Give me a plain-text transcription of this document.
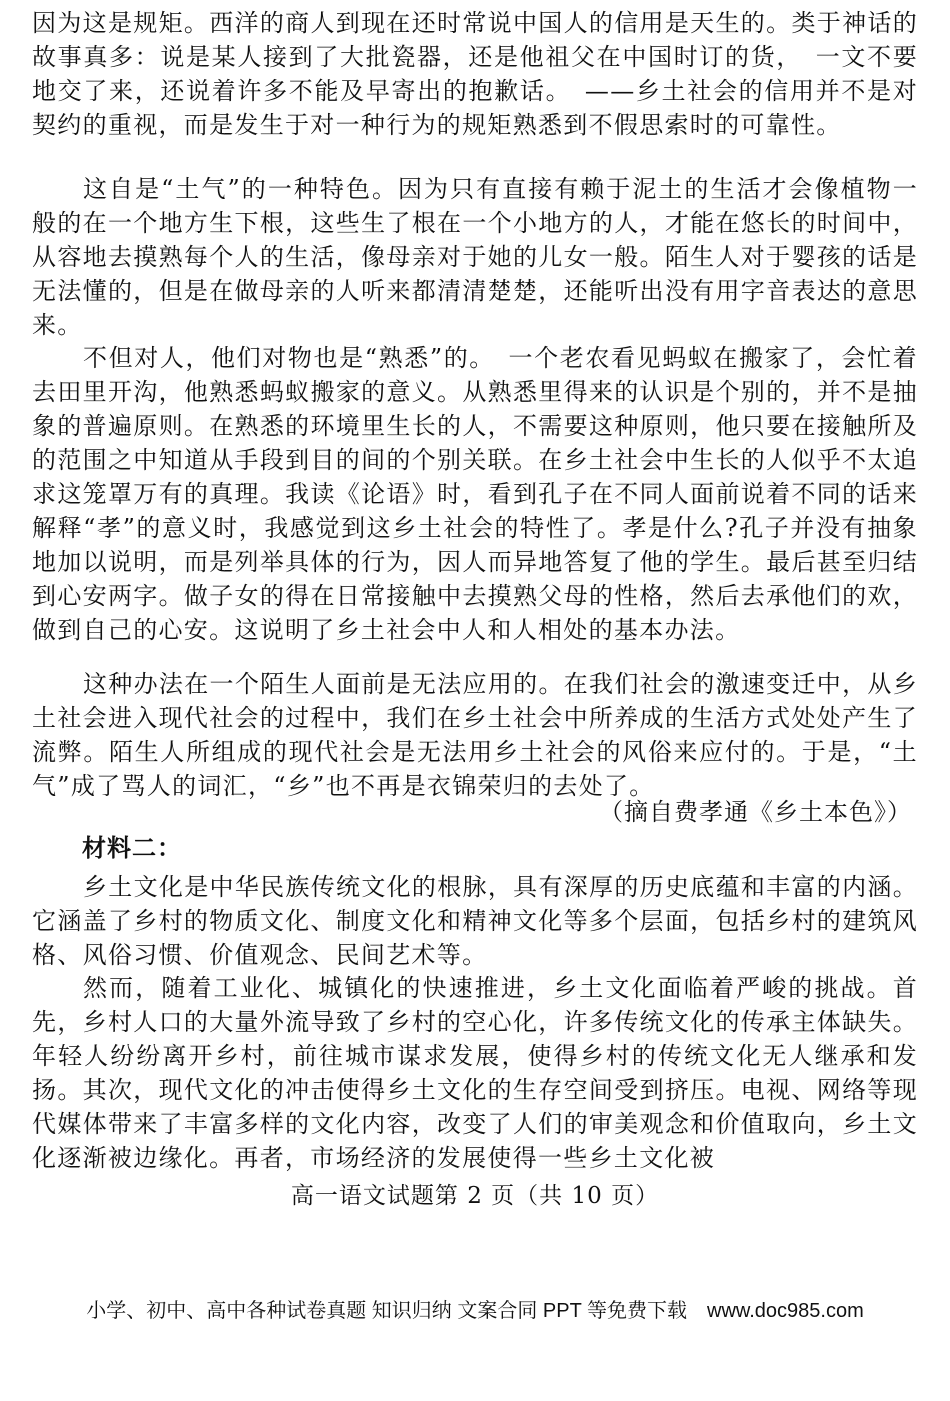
因为这是规矩。西洋的商人到现在还时常说中国人的信用是天生的。类于神话的故事真多：说是某人接到了大批瓷器，还是他祖父在中国时订的货，　一文不要地交了来，还说着许多不能及早寄出的抱歉话。　——乡土社会的信用并不是对契约的重视，而是发生于对一种行为的规矩熟悉到不假思索时的可靠性。

这自是“土气”的一种特色。因为只有直接有赖于泥土的生活才会像植物一般的在一个地方生下根，这些生了根在一个小地方的人，才能在悠长的时间中，从容地去摸熟每个人的生活，像母亲对于她的儿女一般。陌生人对于婴孩的话是无法懂的，但是在做母亲的人听来都清清楚楚，还能听出没有用字音表达的意思来。

不但对人，他们对物也是“熟悉”的。　一个老农看见蚂蚁在搬家了，会忙着去田里开沟，他熟悉蚂蚁搬家的意义。从熟悉里得来的认识是个别的，并不是抽象的普遍原则。在熟悉的环境里生长的人，不需要这种原则，他只要在接触所及的范围之中知道从手段到目的间的个别关联。在乡土社会中生长的人似乎不太追求这笼罩万有的真理。我读《论语》时，看到孔子在不同人面前说着不同的话来解释“孝”的意义时，我感觉到这乡土社会的特性了。孝是什么?孔子并没有抽象地加以说明，而是列举具体的行为，因人而异地答复了他的学生。最后甚至归结到心安两字。做子女的得在日常接触中去摸熟父母的性格，然后去承他们的欢，做到自己的心安。这说明了乡土社会中人和人相处的基本办法。

这种办法在一个陌生人面前是无法应用的。在我们社会的激速变迁中，从乡土社会进入现代社会的过程中，我们在乡土社会中所养成的生活方式处处产生了流弊。陌生人所组成的现代社会是无法用乡土社会的风俗来应付的。于是，“土气”成了骂人的词汇，“乡”也不再是衣锦荣归的去处了。

（摘自费孝通《乡土本色》）

材料二：

乡土文化是中华民族传统文化的根脉，具有深厚的历史底蕴和丰富的内涵。它涵盖了乡村的物质文化、制度文化和精神文化等多个层面，包括乡村的建筑风格、风俗习惯、价值观念、民间艺术等。

然而，随着工业化、城镇化的快速推进，乡土文化面临着严峻的挑战。首先，乡村人口的大量外流导致了乡村的空心化，许多传统文化的传承主体缺失。年轻人纷纷离开乡村，前往城市谋求发展，使得乡村的传统文化无人继承和发扬。其次，现代文化的冲击使得乡土文化的生存空间受到挤压。电视、网络等现代媒体带来了丰富多样的文化内容，改变了人们的审美观念和价值取向，乡土文化逐渐被边缘化。再者，市场经济的发展使得一些乡土文化被

高一语文试题第 2 页（共 10 页）

小学、初中、高中各种试卷真题 知识归纳 文案合同 PPT 等免费下载　www.doc985.com
